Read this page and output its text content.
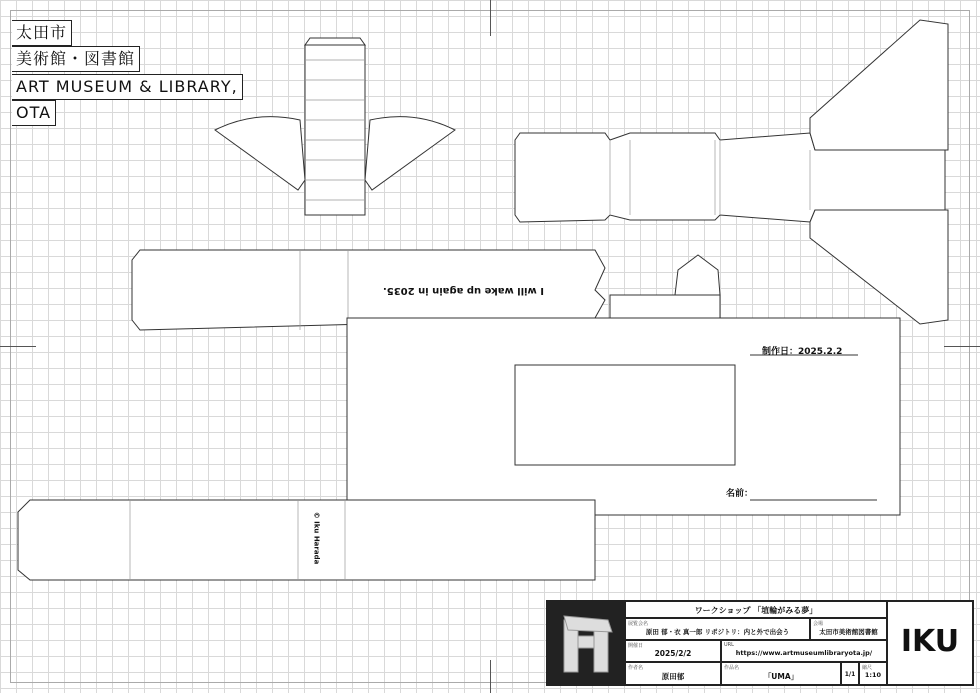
太田市
美術館・図書館
ART MUSEUM & LIBRARY,
OTA
I will wake up again in 2035.
© Iku Harada
制作日：2025.2.2
名前：
ワークショップ 「埴輪がみる夢」
展覧会名
原田 郁・衣 真一郎 リポジトリ：内と外で出会う
会場
太田市美術館図書館
開催日
2025/2/2
URL
https://www.artmuseumlibraryota.jp/
作者名
原田郁
作品名
「UMA」	1/1
縮尺
1:10
IKU
